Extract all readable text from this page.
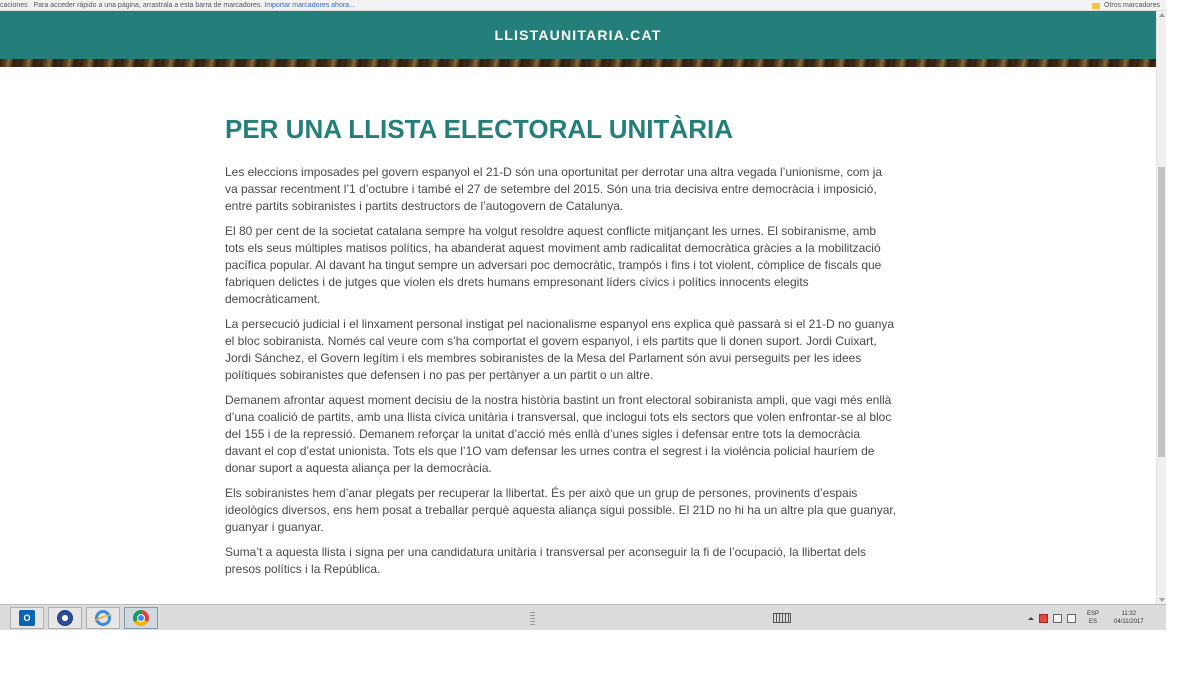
caciones Para acceder rápido a una página, arrastrala a esta barra de marcadores. Importar marcadores ahora...	Otros marcadores
LLISTAUNITARIA.CAT
PER UNA LLISTA ELECTORAL UNITÀRIA

Les eleccions imposades pel govern espanyol el 21-D són una oportunitat per derrotar una altra vegada l’unionisme, com ja va passar recentment l’1 d’octubre i també el 27 de setembre del 2015. Són una tria decisiva entre democràcia i imposició, entre partits sobiranistes i partits destructors de l’autogovern de Catalunya.

El 80 per cent de la societat catalana sempre ha volgut resoldre aquest conflicte mitjançant les urnes. El sobiranisme, amb tots els seus múltiples matisos polítics, ha abanderat aquest moviment amb radicalitat democràtica gràcies a la mobilització pacífica popular. Al davant ha tingut sempre un adversari poc democràtic, trampós i fins i tot violent, còmplice de fiscals que fabriquen delictes i de jutges que violen els drets humans empresonant líders cívics i polítics innocents elegits democràticament.

La persecució judicial i el linxament personal instigat pel nacionalisme espanyol ens explica què passarà si el 21-D no guanya el bloc sobiranista. Només cal veure com s’ha comportat el govern espanyol, i els partits que li donen suport. Jordi Cuixart, Jordi Sánchez, el Govern legítim i els membres sobiranistes de la Mesa del Parlament són avui perseguits per les idees polítiques sobiranistes que defensen i no pas per pertànyer a un partit o un altre.

Demanem afrontar aquest moment decisiu de la nostra història bastint un front electoral sobiranista ampli, que vagi més enllà d’una coalició de partits, amb una llista cívica unitària i transversal, que inclogui tots els sectors que volen enfrontar-se al bloc del 155 i de la repressió. Demanem reforçar la unitat d’acció més enllà d’unes sigles i defensar entre tots la democràcia davant el cop d’estat unionista. Tots els que l’1O vam defensar les urnes contra el segrest i la violència policial hauríem de donar suport a aquesta aliança per la democràcia.

Els sobiranistes hem d’anar plegats per recuperar la llibertat. És per això que un grup de persones, provinents d’espais ideològics diversos, ens hem posat a treballar perquè aquesta aliança sigui possible. El 21D no hi ha un altre pla que guanyar, guanyar i guanyar.

Suma’t a aquesta llista i signa per una candidatura unitària i transversal per aconseguir la fi de l’ocupació, la llibertat dels presos polítics i la República.

O	ESP
ES
11:32
04/11/2017
